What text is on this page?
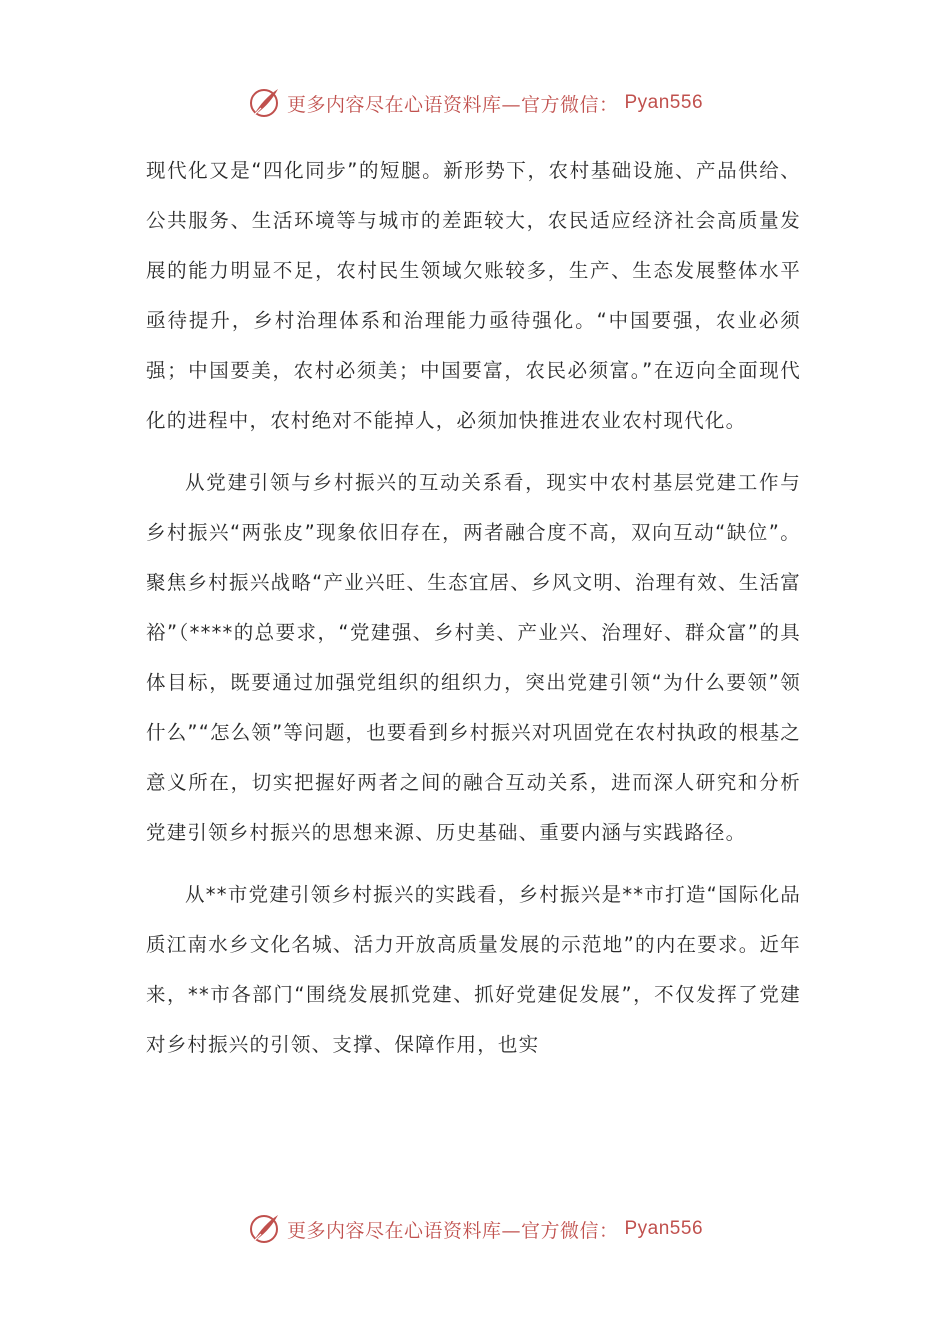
更多内容尽在心语资料库—官方微信： Pyan556

现代化又是“四化同步”的短腿。新形势下，农村基础设施、产品供给、公共服务、生活环境等与城市的差距较大，农民适应经济社会高质量发展的能力明显不足，农村民生领域欠账较多，生产、生态发展整体水平亟待提升，乡村治理体系和治理能力亟待强化。“中国要强，农业必须强；中国要美，农村必须美；中国要富，农民必须富。”在迈向全面现代化的进程中，农村绝对不能掉人，必须加快推进农业农村现代化。

从党建引领与乡村振兴的互动关系看，现实中农村基层党建工作与乡村振兴“两张皮”现象依旧存在，两者融合度不高，双向互动“缺位”。聚焦乡村振兴战略“产业兴旺、生态宜居、乡风文明、治理有效、生活富裕”（****的总要求，“党建强、乡村美、产业兴、治理好、群众富”的具体目标，既要通过加强党组织的组织力，突出党建引领“为什么要领”领什么”“怎么领”等问题，也要看到乡村振兴对巩固党在农村执政的根基之意义所在，切实把握好两者之间的融合互动关系，进而深人研究和分析党建引领乡村振兴的思想来源、历史基础、重要内涵与实践路径。

从**市党建引领乡村振兴的实践看，乡村振兴是**市打造“国际化品质江南水乡文化名城、活力开放高质量发展的示范地”的内在要求。近年来，**市各部门“围绕发展抓党建、抓好党建促发展”，不仅发挥了党建对乡村振兴的引领、支撑、保障作用，也实

更多内容尽在心语资料库—官方微信： Pyan556
